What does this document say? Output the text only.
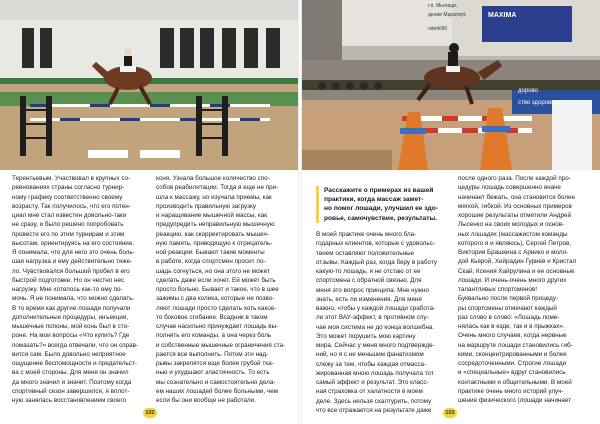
MAXIMA
г.п. Мытищи,
дение Маратерт,
oderki50
дорово
ство здоровым
Терентьевым. Участвовал в крупных со-
ревнованиях страны согласно турнир-
ному графику соответственно своему
возрасту. Так получилось, что его потен-
циал мне стал известен довольно-таки
не сразу, и было решено попробовать
провести его по этим турнирам и этим
высотам, ориентируясь на его состояние.
Я понимала, что для него это очень боль-
шая нагрузка и ему действительно тяже-
ло. Чувствовался большой пробел в его
быстрой подготовке. Но он честно нес
нагрузку. Мне хотелось как-то ему по-
мочь. Я не понимала, что можно сделать.
В то время как другие лошади получали
дополнительные процедуры, инъекции,
мышечные попоны, мой конь был в сто-
роне. На мои вопросы «Что купить? Где
помазать?» всегда отвечали, что он справ-
вится сам. Было довольно неприятное
ощущение беспомощности и предательст-
ва с моей стороны. Для меня он значил
дa много значил и значит. Поэтому когда
спортивный сезон завершился, я вплот-
ную занялась восстановлением своего
коня. Узнала большое количество спо-
собов реабилитации. Тогда я еще не при-
шла к массажу, но изучала приемы, как
производить правильную загрузку
и наращивание мышечной массы, как
предупредить неправильную мышечную
реакцию, как скорректировать мышеч-
ную память, приводящую к отрицатель-
ной реакции. Бывают такие моменты
в работе, когда спортсмен просит ло-
шадь согнуться, но она этого не может
сделать даже если хочет. Ей может быть
просто больно. Бывает и такое, что в шее
зажимы с два колика, которые не позво-
ляют лошади просто сделать хоть какое-
то боковое сгибание. Всадник в таком
случае насильно принуждает лошадь вы-
полнять его команды, а она через боль
и собственные мышечные ограничения ста-
рается все выполнить. Потом эти над-
рывы закрепятся еще более грубой тка-
нью и ухудшают эластичность. То есть
мы сознательно и самостоятельно дела-
ем наших лошадей более больными, чем
если бы они вообще не работали.
102
Расскажите о примерах из вашей
практики, когда массаж замет-
но помог лошади, улучшил ее здо-
ровье, самочувствие, результаты.
В моей практике очень много бла-
годарных клиентов, которые с удовольс-
твием оставляют положительные
отзывы. Каждый раз, когда беру в работу
какую-то лошадь, я не отстаю от ее
спортсмена с обратной связью. Для
меня это вопрос принципа. Мне нужно
знать, есть ли изменения. Для меня
важно, чтобы у каждой лошади сработа-
ли этот ВАУ-эффект, в противном слу-
чае моя система не до конца волшебна.
Это может порушить мою картину
мира. Сейчас у меня много подтвержде-
ний, но я с не меньшим фанатизмом
слежу за тем, чтобы каждая отмасса-
жированная мною лошадь получала тот
самый эффект и результат. Это класс-
ная страховка от халатности в моем
деле. Здесь нельзя схалтурить, потому
что все отражается на результате даже
после одного раза. После каждой про-
цедуры лошадь совершенно иначе
начинает бежать, она становится более
мягкой, гибкой. Из основных примеров
хорошие результаты отметили Андрей
Лысенко на своих молодых и основ-
ных лошадях (массажистом команды
которого я и являюсь), Сергей Петров,
Виктория Брашкина с Арнико и моло-
дой Кьярой, Хейрадин Гуриев и Кристал
Скай, Ксения Хайрулина и ее основные
лошади. И очень-очень много других
талантливых спортсменов!
Буквально после первой процеду-
ры спортсмены отмечают каждый
раз слово в слово: «Лошадь поме-
нялась как в езде, так и в прыжках».
Очень много случаев, когда нервные
на маршруте лошади становились гиб-
кими, сконцентрированными и более
сосредоточенными. Строгие лошади
и «специальные» вдруг становились
контактными и общительными. В моей
практике очень много историй улуч-
шения физического (лошади начинает
103
